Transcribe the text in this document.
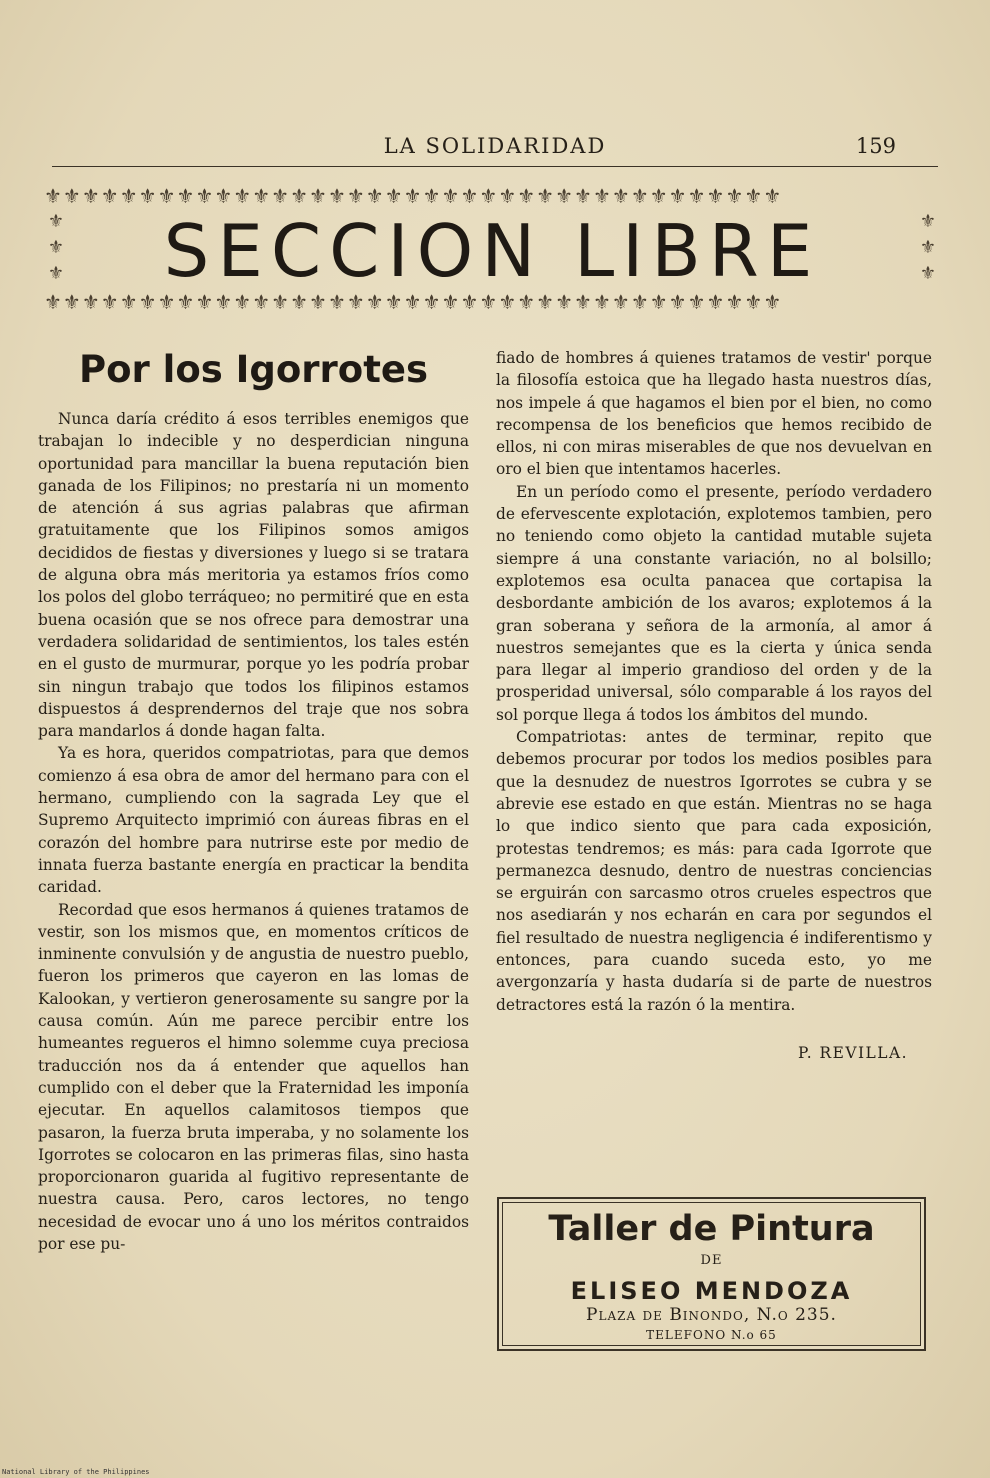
LA SOLIDARIDAD	159
⚜⚜⚜⚜⚜⚜⚜⚜⚜⚜⚜⚜⚜⚜⚜⚜⚜⚜⚜⚜⚜⚜⚜⚜⚜⚜⚜⚜⚜⚜⚜⚜⚜⚜⚜⚜⚜⚜⚜
⚜
⚜
⚜	SECCION LIBRE	⚜
⚜
⚜

⚜⚜⚜⚜⚜⚜⚜⚜⚜⚜⚜⚜⚜⚜⚜⚜⚜⚜⚜⚜⚜⚜⚜⚜⚜⚜⚜⚜⚜⚜⚜⚜⚜⚜⚜⚜⚜⚜⚜
Por los Igorrotes

Nunca daría crédito á esos terribles enemigos que trabajan lo indecible y no desperdician ninguna oportunidad para mancillar la buena reputación bien ganada de los Filipinos; no prestaría ni un momento de atención á sus agrias palabras que afirman gratuitamente que los Filipinos somos amigos decididos de fiestas y diversiones y luego si se tratara de alguna obra más meritoria ya estamos fríos como los polos del globo terráqueo; no permitiré que en esta buena ocasión que se nos ofrece para demostrar una verdadera solidaridad de sentimientos, los tales estén en el gusto de murmurar, porque yo les podría probar sin ningun trabajo que todos los filipinos estamos dispuestos á desprendernos del traje que nos sobra para mandarlos á donde hagan falta.

Ya es hora, queridos compatriotas, para que demos comienzo á esa obra de amor del hermano para con el hermano, cumpliendo con la sagrada Ley que el Supremo Arquitecto imprimió con áureas fibras en el corazón del hombre para nutrirse este por medio de innata fuerza bastante energía en practicar la bendita caridad.

Recordad que esos hermanos á quienes tratamos de vestir, son los mismos que, en momentos críticos de inminente convulsión y de angustia de nuestro pueblo, fueron los primeros que cayeron en las lomas de Kalookan, y vertieron generosamente su sangre por la causa común. Aún me parece percibir entre los humeantes regueros el himno solemme cuya preciosa traducción nos da á entender que aquellos han cumplido con el deber que la Fraternidad les imponía ejecutar. En aquellos calamitosos tiempos que pasaron, la fuerza bruta imperaba, y no solamente los Igorrotes se colocaron en las primeras filas, sino hasta proporcionaron guarida al fugitivo representante de nuestra causa. Pero, caros lectores, no tengo necesidad de evocar uno á uno los méritos contraidos por ese pu-

fiado de hombres á quienes tratamos de vestir' porque la filosofía estoica que ha llegado hasta nuestros días, nos impele á que hagamos el bien por el bien, no como recompensa de los beneficios que hemos recibido de ellos, ni con miras miserables de que nos devuelvan en oro el bien que intentamos hacerles.

En un período como el presente, período verdadero de efervescente explotación, explotemos tambien, pero no teniendo como objeto la cantidad mutable sujeta siempre á una constante variación, no al bolsillo; explotemos esa oculta panacea que cortapisa la desbordante ambición de los avaros; explotemos á la gran soberana y señora de la armonía, al amor á nuestros semejantes que es la cierta y única senda para llegar al imperio grandioso del orden y de la prosperidad universal, sólo comparable á los rayos del sol porque llega á todos los ámbitos del mundo.

Compatriotas: antes de terminar, repito que debemos procurar por todos los medios posibles para que la desnudez de nuestros Igorrotes se cubra y se abrevie ese estado en que están. Mientras no se haga lo que indico siento que para cada exposición, protestas tendremos; es más: para cada Igorrote que permanezca desnudo, dentro de nuestras conciencias se erguirán con sarcasmo otros crueles espectros que nos asediarán y nos echarán en cara por segundos el fiel resultado de nuestra negligencia é indiferentismo y entonces, para cuando suceda esto, yo me avergonzaría y hasta dudaría si de parte de nuestros detractores está la razón ó la mentira.

P. REVILLA.
Taller de Pintura
DE
ELISEO MENDOZA
Plaza de Binondo, N.o 235.
TELEFONO N.o 65
National Library of the Philippines
